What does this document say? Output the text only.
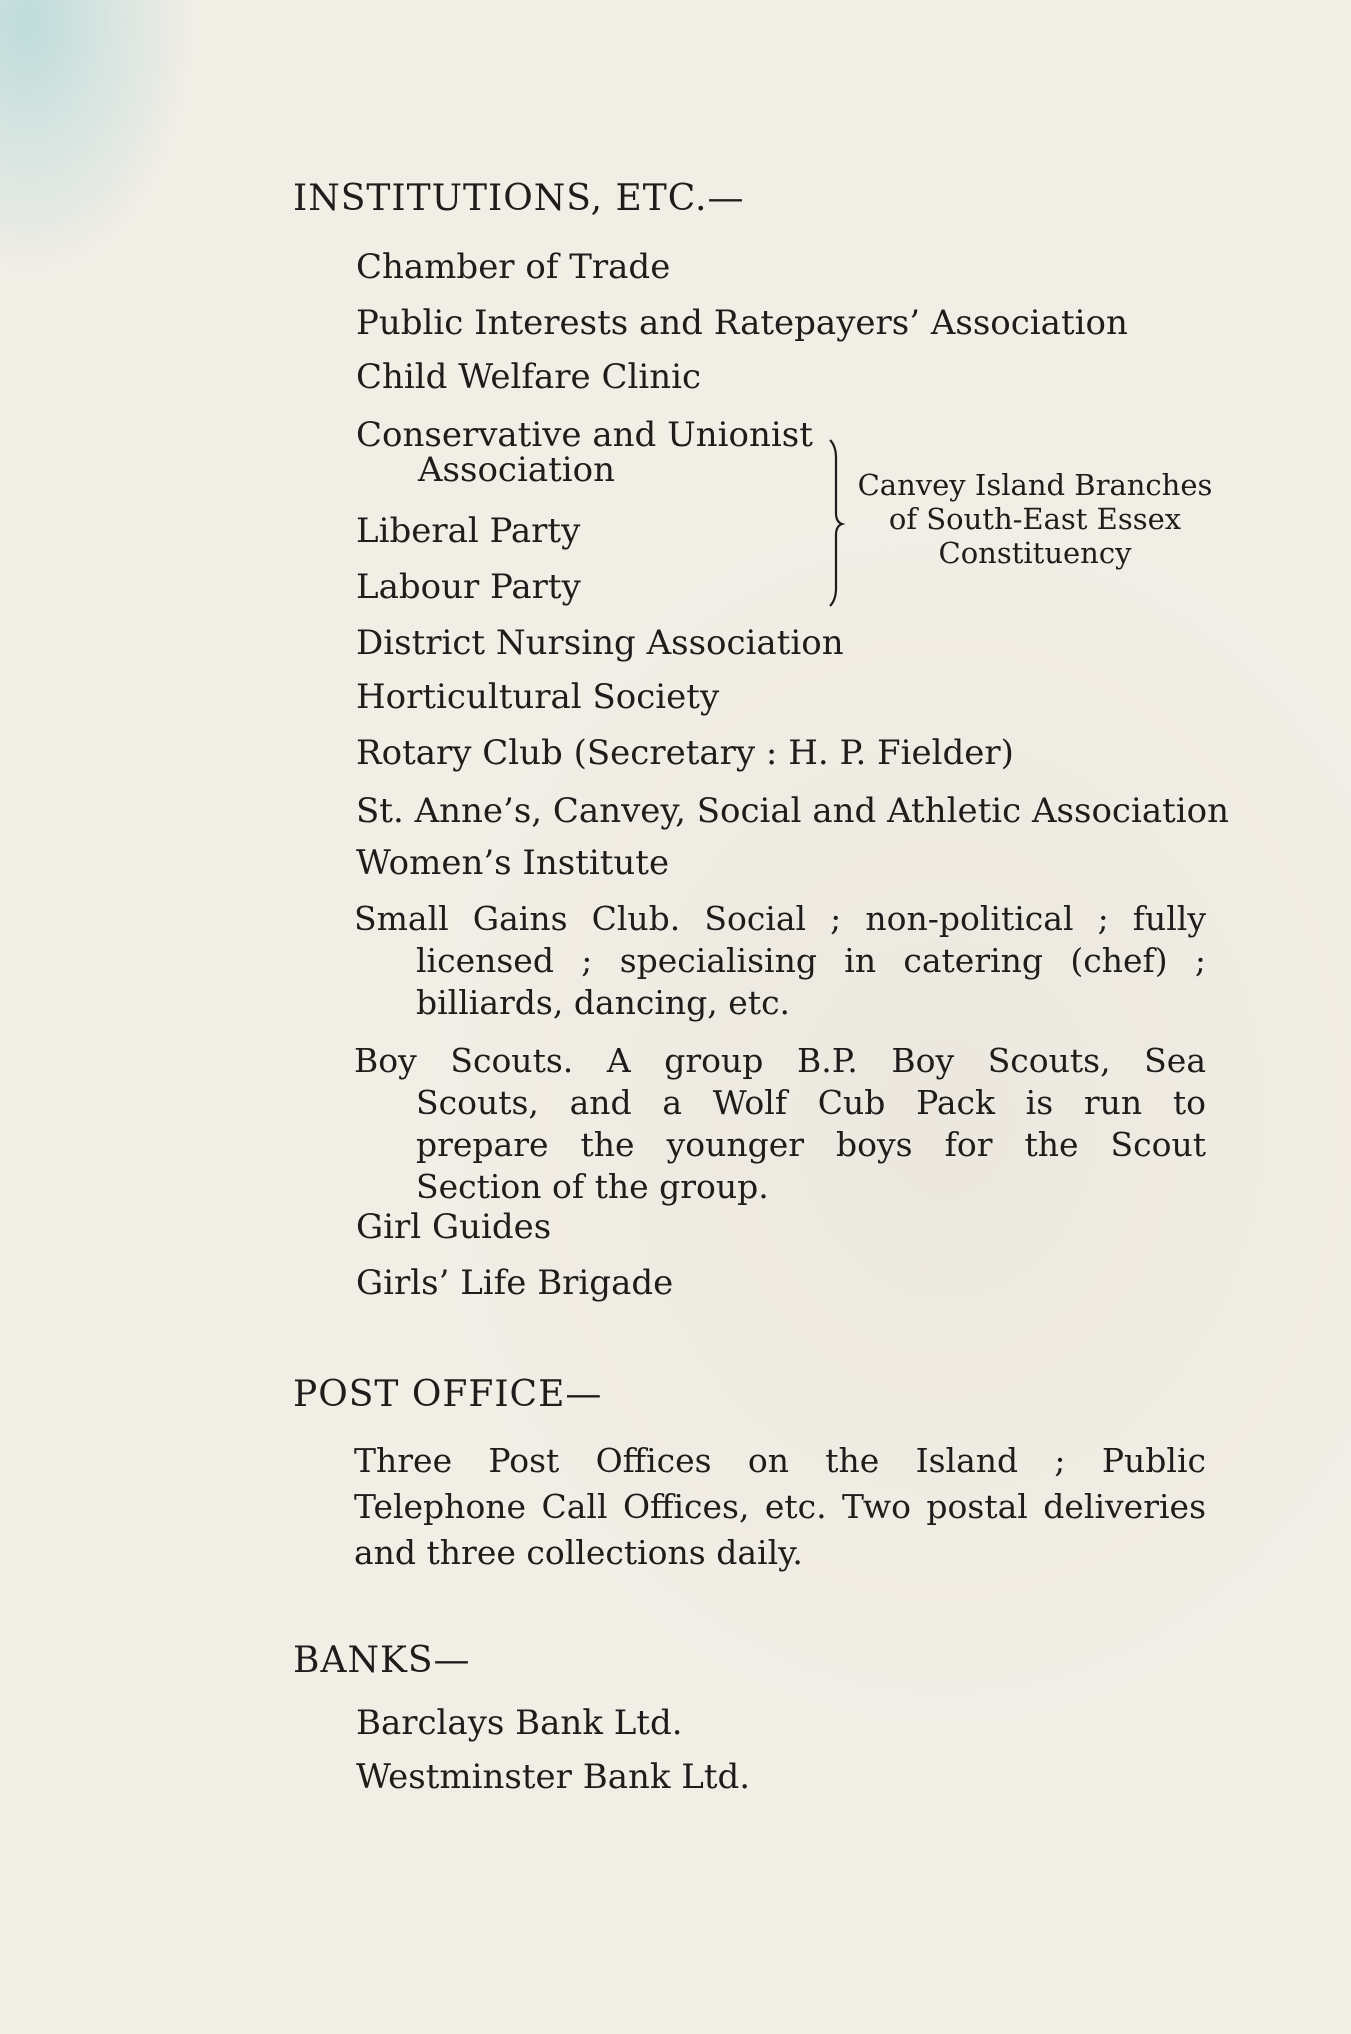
INSTITUTIONS, ETC.—
Chamber of Trade
Public Interests and Ratepayers’ Association
Child Welfare Clinic
Conservative and Unionist
Association
Liberal Party
Labour Party
Canvey Island Branches
of South-East Essex
Constituency
District Nursing Association
Horticultural Society
Rotary Club (Secretary : H. P. Fielder)
St. Anne’s, Canvey, Social and Athletic Association
Women’s Institute
Small Gains Club. Social ; non-political ; fully
licensed ; specialising in catering (chef) ;
billiards, dancing, etc.
Boy Scouts. A group B.P. Boy Scouts, Sea
Scouts, and a Wolf Cub Pack is run to
prepare the younger boys for the Scout
Section of the group.
Girl Guides
Girls’ Life Brigade
POST OFFICE—
Three Post Offices on the Island ; Public
Telephone Call Offices, etc. Two postal deliveries
and three collections daily.
BANKS—
Barclays Bank Ltd.
Westminster Bank Ltd.
